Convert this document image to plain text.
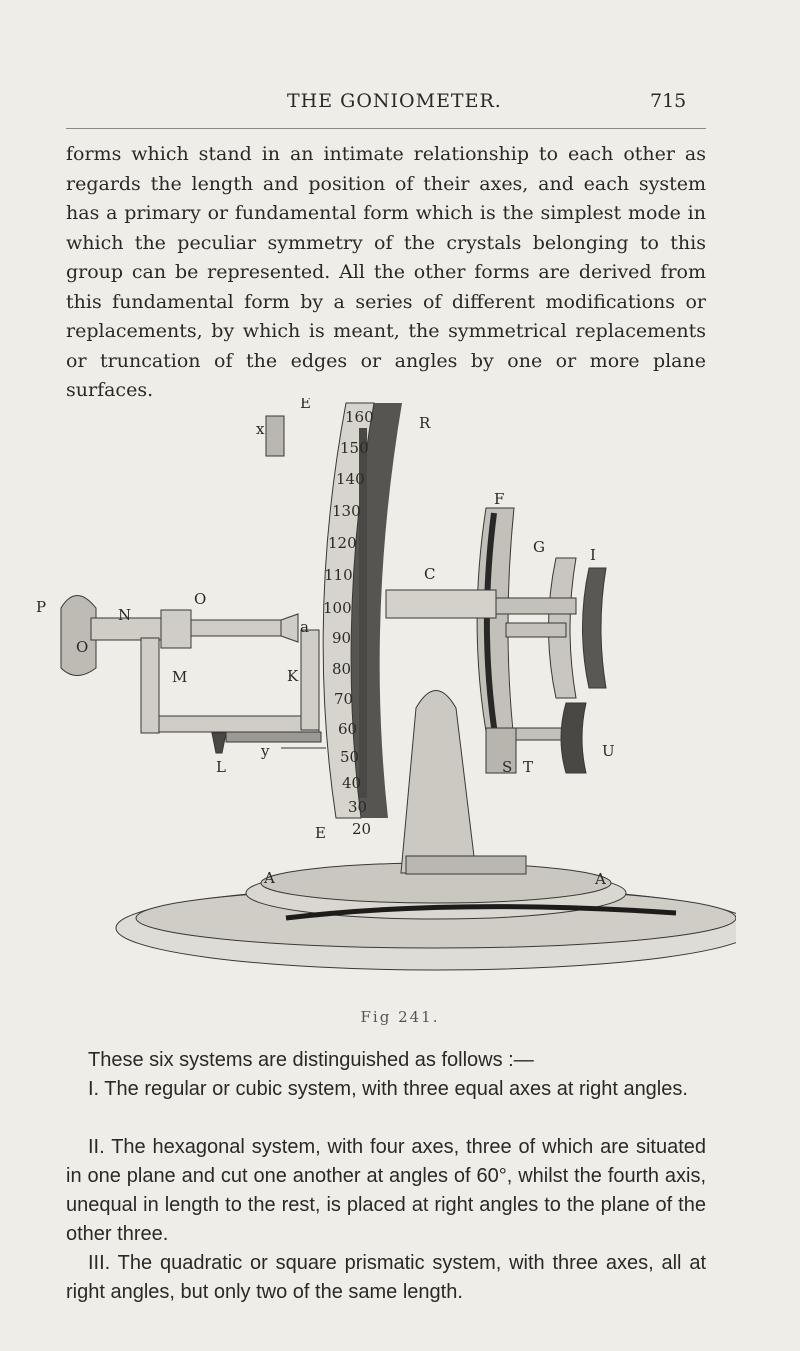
THE GONIOMETER.	715

forms which stand in an intimate relationship to each other as regards the length and position of their axes, and each system has a primary or fundamental form which is the simplest mode in which the peculiar symmetry of the crystals belonging to this group can be represented. All the other forms are derived from this fundamental form by a series of different modifications or replacements, by which is meant, the symmetrical replacements or truncation of the edges or angles by one or more plane surfaces.

160
150
140
130
120
110
100
90
80
70
60
50
40
30
20
E
R
x
F
G	I
C
P	N
O
O
a
M	K
y
L
U
S T
E
A	A
Fig 241.

These six systems are distinguished as follows :—

I. The regular or cubic system, with three equal axes at right angles.

II. The hexagonal system, with four axes, three of which are situated in one plane and cut one another at angles of 60°, whilst the fourth axis, unequal in length to the rest, is placed at right angles to the plane of the other three.

III. The quadratic or square prismatic system, with three axes, all at right angles, but only two of the same length.
